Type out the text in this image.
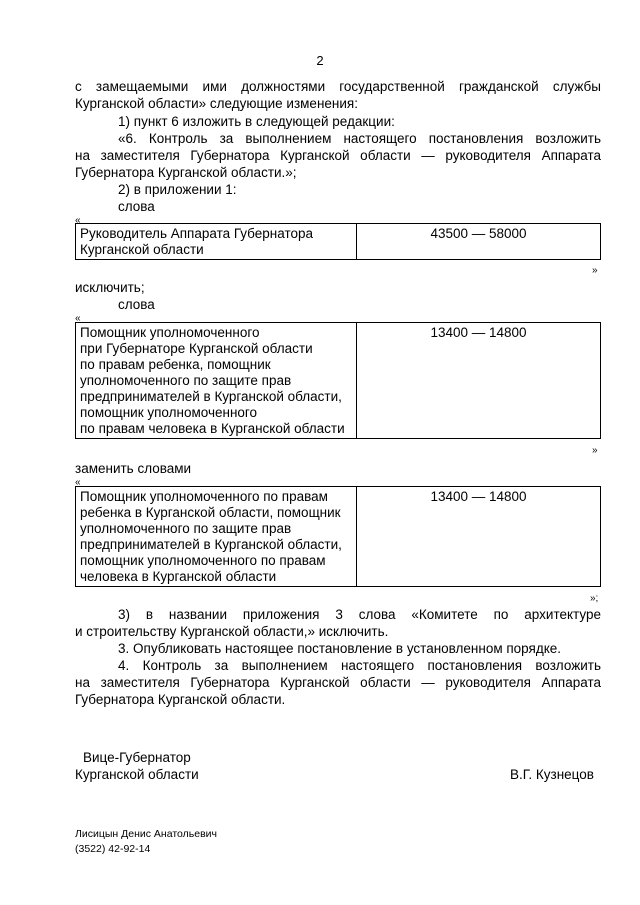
2
с замещаемыми ими должностями государственной гражданской службы
Курганской области» следующие изменения:
1) пункт 6 изложить в следующей редакции:
«6. Контроль за выполнением настоящего постановления возложить
на заместителя Губернатора Курганской области — руководителя Аппарата
Губернатора Курганской области.»;
2) в приложении 1:
слова
«
Руководитель Аппарата Губернатора
Курганской области
	43500 — 58000
»
исключить;
слова
«
Помощник уполномоченного
при Губернаторе Курганской области
по правам ребенка, помощник
уполномоченного по защите прав
предпринимателей в Курганской области,
помощник уполномоченного
по правам человека в Курганской области
	13400 — 14800
»
заменить словами
«
Помощник уполномоченного по правам
ребенка в Курганской области, помощник
уполномоченного по защите прав
предпринимателей в Курганской области,
помощник уполномоченного по правам
человека в Курганской области
	13400 — 14800
»;
3) в названии приложения 3 слова «Комитете по архитектуре
и строительству Курганской области,» исключить.
3. Опубликовать настоящее постановление в установленном порядке.
4. Контроль за выполнением настоящего постановления возложить
на заместителя Губернатора Курганской области — руководителя Аппарата
Губернатора Курганской области.
Вице-Губернатор
Курганской области	В.Г. Кузнецов
Лисицын Денис Анатольевич
(3522) 42-92-14
